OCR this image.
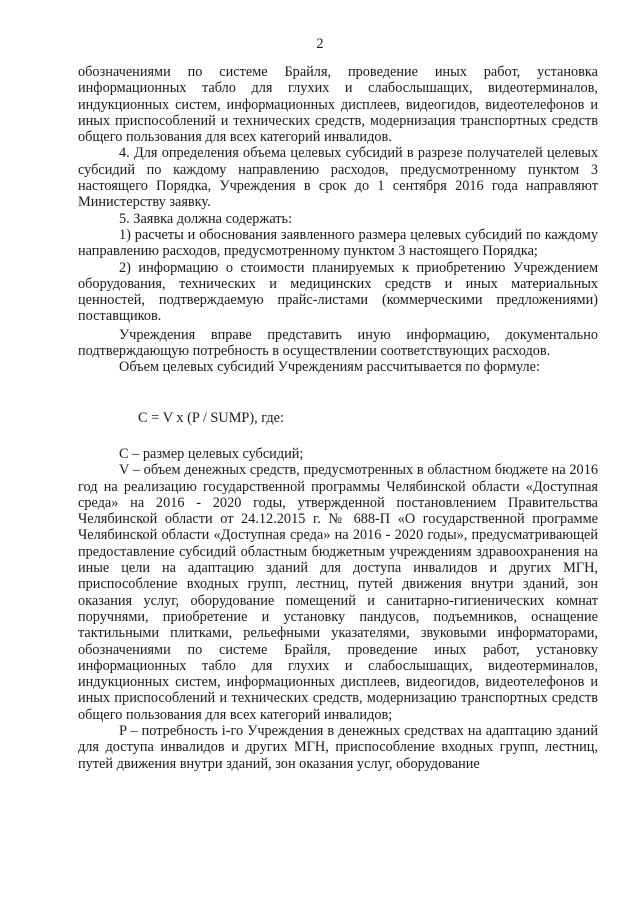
2

обозначениями по системе Брайля, проведение иных работ, установка информационных табло для глухих и слабослышащих, видеотерминалов, индукционных систем, информационных дисплеев, видеогидов, видеотелефонов и иных приспособлений и технических средств, модернизация транспортных средств общего пользования для всех категорий инвалидов.

4. Для определения объема целевых субсидий в разрезе получателей целевых субсидий по каждому направлению расходов, предусмотренному пунктом 3 настоящего Порядка, Учреждения в срок до 1 сентября 2016 года направляют Министерству заявку.

5. Заявка должна содержать:

1) расчеты и обоснования заявленного размера целевых субсидий по каждому направлению расходов, предусмотренному пунктом 3 настоящего Порядка;

2) информацию о стоимости планируемых к приобретению Учреждением оборудования, технических и медицинских средств и иных материальных ценностей, подтверждаемую прайс-листами (коммерческими предложениями) поставщиков.

Учреждения вправе представить иную информацию, документально подтверждающую потребность в осуществлении соответствующих расходов.

Объем целевых субсидий Учреждениям рассчитывается по формуле:

С = V x (P / SUMP), где:

С – размер целевых субсидий;

V – объем денежных средств, предусмотренных в областном бюджете на 2016 год на реализацию государственной программы Челябинской области «Доступная среда» на 2016 - 2020 годы, утвержденной постановлением Правительства Челябинской области от 24.12.2015 г. № 688-П «О государственной программе Челябинской области «Доступная среда» на 2016 - 2020 годы», предусматривающей предоставление субсидий областным бюджетным учреждениям здравоохранения на иные цели на адаптацию зданий для доступа инвалидов и других МГН, приспособление входных групп, лестниц, путей движения внутри зданий, зон оказания услуг, оборудование помещений и санитарно-гигиенических комнат поручнями, приобретение и установку пандусов, подъемников, оснащение тактильными плитками, рельефными указателями, звуковыми информаторами, обозначениями по системе Брайля, проведение иных работ, установку информационных табло для глухих и слабослышащих, видеотерминалов, индукционных систем, информационных дисплеев, видеогидов, видеотелефонов и иных приспособлений и технических средств, модернизацию транспортных средств общего пользования для всех категорий инвалидов;

P – потребность i-го Учреждения в денежных средствах на адаптацию зданий для доступа инвалидов и других МГН, приспособление входных групп, лестниц, путей движения внутри зданий, зон оказания услуг, оборудование
